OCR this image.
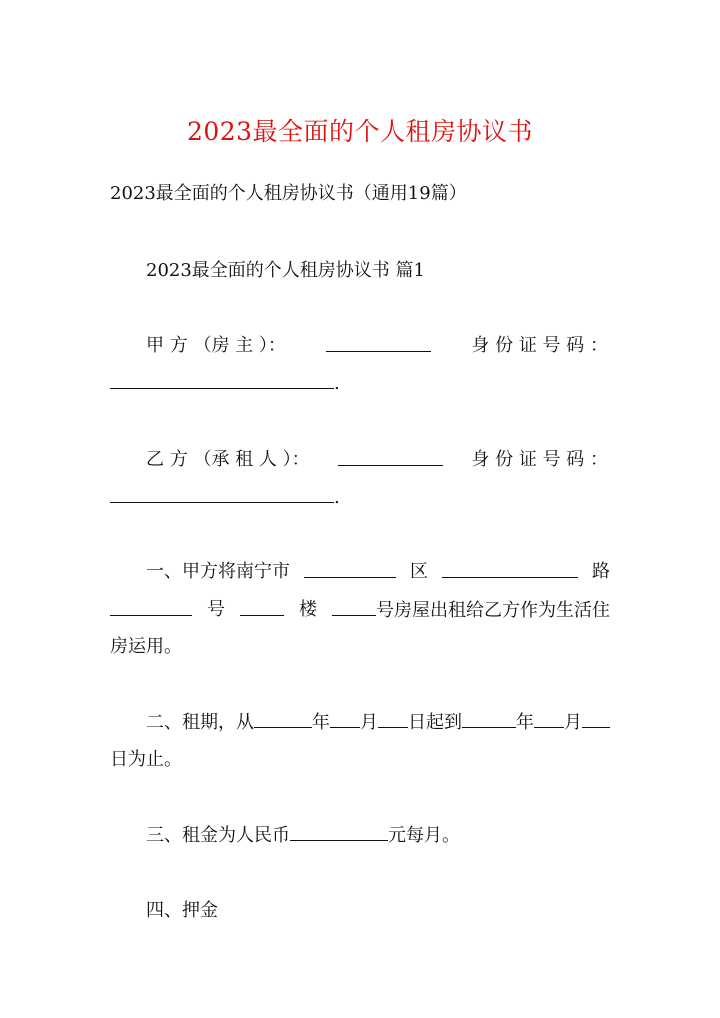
2023最全面的个人租房协议书
2023最全面的个人租房协议书（通用19篇）
2023最全面的个人租房协议书 篇1
甲 方 （房 主 ）：	身 份 证 号 码 ：
.
乙 方 （承 租 人 ）：	身 份 证 号 码 ：
.
一、甲方将南宁市	区	路
号	楼	号房屋出租给乙方作为生活住
房运用。
二、租期，从	年 月 日起到	年 月
日为止。
三、租金为人民币	元每月。
四、押金
